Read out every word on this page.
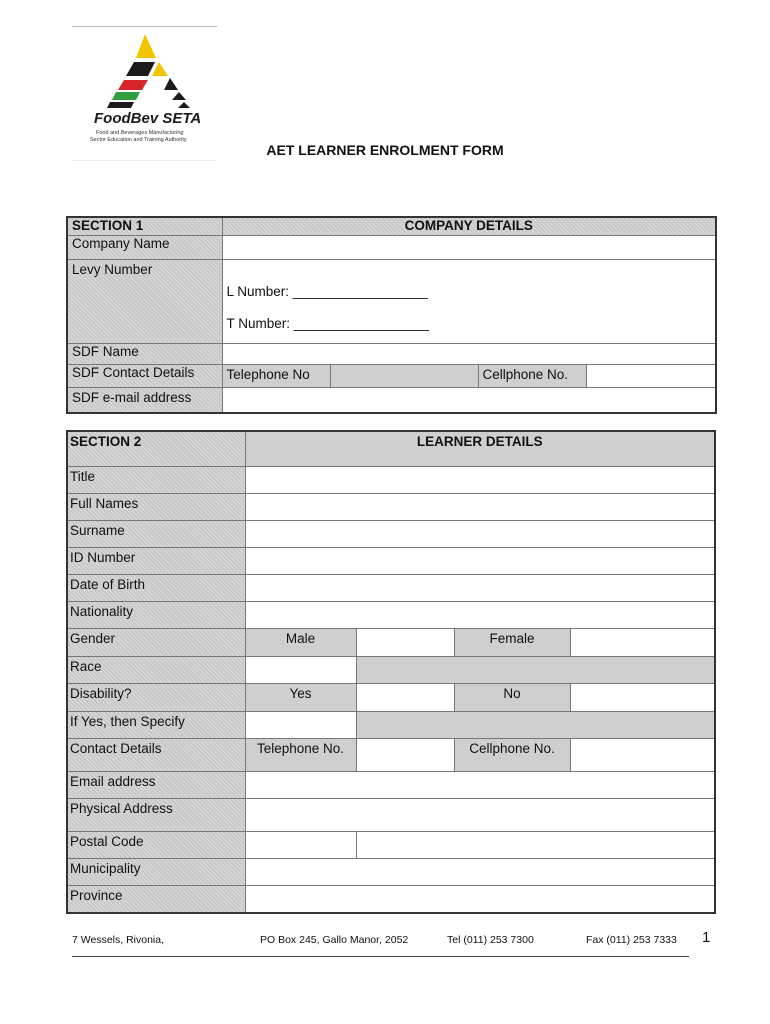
FoodBev SETA
Food and Beverages Manufacturing
Sector Education and Training Authority
AET LEARNER ENROLMENT FORM
SECTION 1	COMPANY DETAILS			
Company Name				
Levy Number	L Number: __________________
T Number: __________________			

SDF Name				
SDF Contact Details	Telephone No		Cellphone No.	
SDF e-mail address				
SECTION 2	LEARNER DETAILS			
Title				
Full Names				
Surname				
ID Number				
Date of Birth				
Nationality				
Gender	Male		Female	
Race				
Disability?	Yes		No	
If Yes, then Specify				
Contact Details	Telephone No.		Cellphone No.	
Email address				
Physical Address				
Postal Code				
Municipality				
Province				
7 Wessels, Rivonia,	PO Box 245, Gallo Manor, 2052	Tel (011) 253 7300	Fax (011) 253 7333 1
